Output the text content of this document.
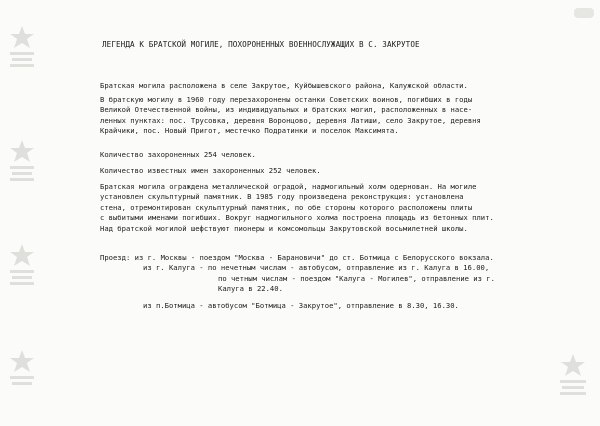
ЛЕГЕНДА К БРАТСКОЙ МОГИЛЕ, ПОХОРОНЕННЫХ ВОЕННОСЛУЖАЩИХ В С. ЗАКРУТОЕ
Братская могила расположена в селе Закрутое, Куйбышевского района, Калужской области.
В братскую могилу в 1960 году перезахоронены останки Советских воинов, погибших в годы
Великой Отечественной войны, из индивидуальных и братских могил, расположенных в насе-
ленных пунктах: пос. Трусовка, деревня Воронцово, деревня Латиши, село Закрутое, деревня
Крайчики, пос. Новый Пригот, местечко Подратинки и поселок Максимята.
Количество захороненных 254 человек.
Количество известных имен захороненных 252 человек.
Братская могила ограждена металлической оградой, надмогильный холм одернован. На могиле
установлен скульптурный памятник. В 1985 году произведена реконструкция: установлена
стена, отремонтирован скульптурный памятник, по обе стороны которого расположены плиты
с выбитыми именами погибших. Вокруг надмогильного холма построена площадь из бетонных плит.
Над братской могилой шефствуют пионеры и комсомольцы Закрутовской восьмилетней школы.
Проезд: из г. Москвы - поездом "Москва - Барановичи" до ст. Ботмица с Белорусского вокзала.
из г. Калуга - по нечетным числам - автобусом, отправление из г. Калуга в 16.00,
по четным числам - поездом "Калуга - Могилев", отправление из г.
Калуга в 22.40.
из п.Ботмица - автобусом "Ботмица - Закрутое", отправление в 8.30, 16.30.
